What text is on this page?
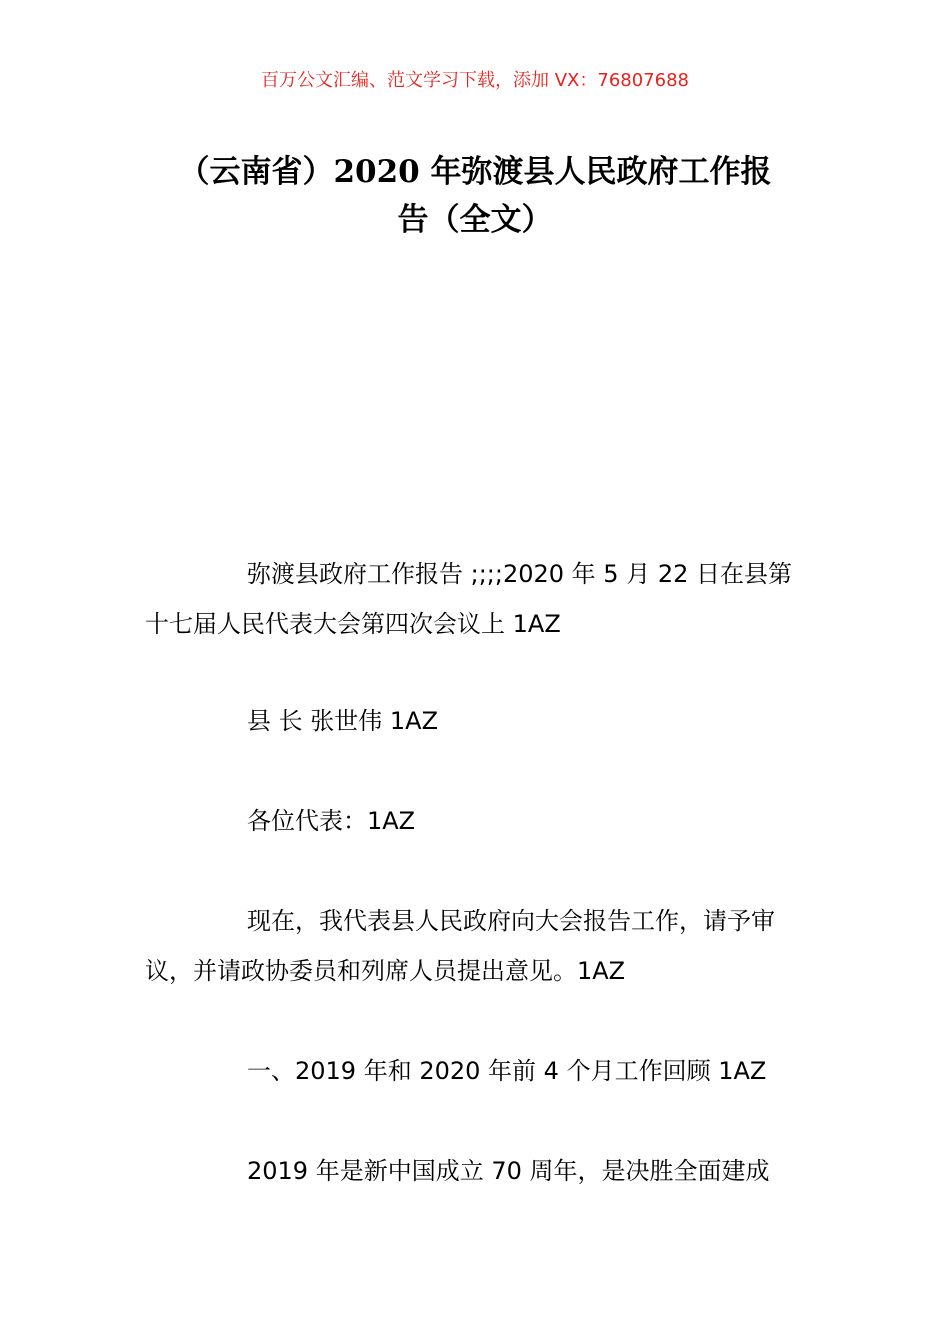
百万公文汇编、范文学习下载，添加 VX：76807688
（云南省）2020 年弥渡县人民政府工作报
告（全文）

弥渡县政府工作报告 ;;;;2020 年 5 月 22 日在县第十七届人民代表大会第四次会议上 1AZ

县 长 张世伟 1AZ

各位代表：1AZ

现在，我代表县人民政府向大会报告工作，请予审议，并请政协委员和列席人员提出意见。1AZ

一、2019 年和 2020 年前 4 个月工作回顾 1AZ

2019 年是新中国成立 70 周年，是决胜全面建成
